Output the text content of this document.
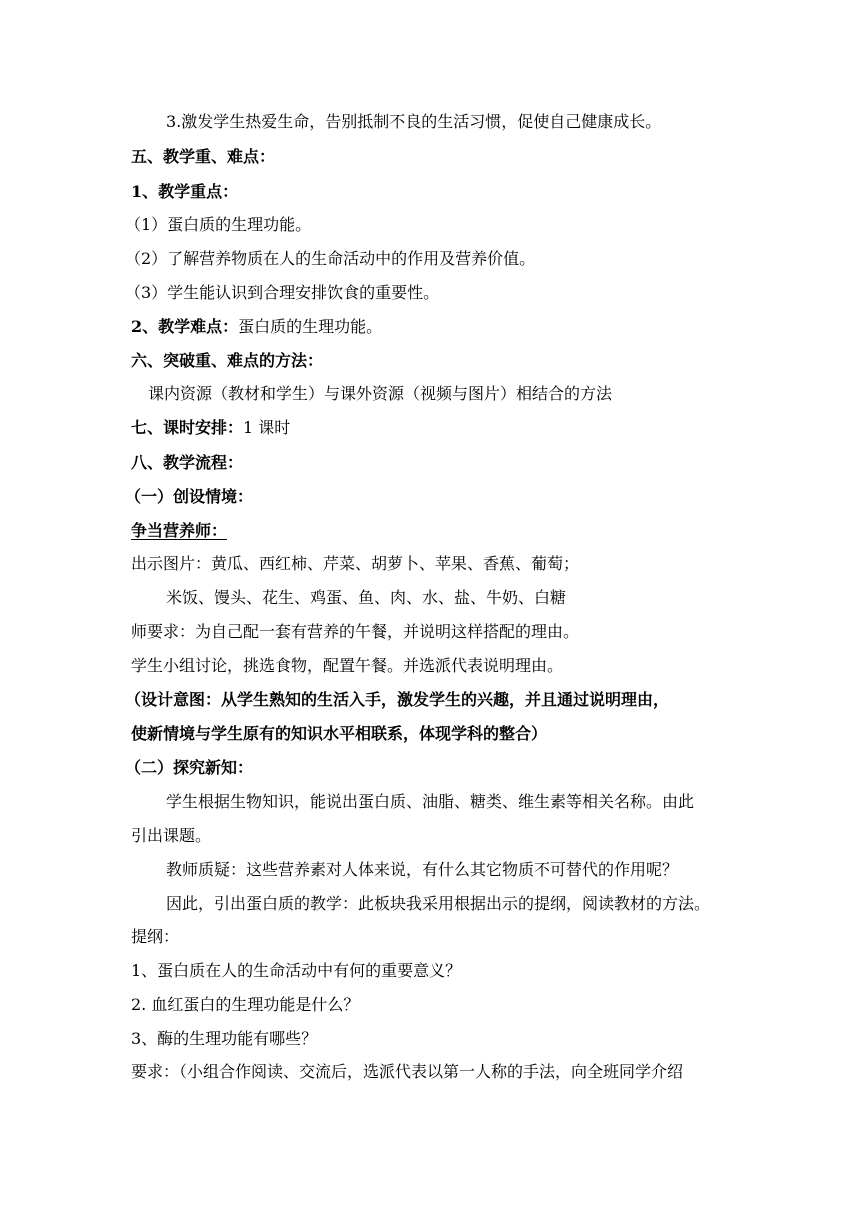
3.激发学生热爱生命，告别抵制不良的生活习惯，促使自己健康成长。
五、教学重、难点：
1、教学重点：
（1）蛋白质的生理功能。
（2）了解营养物质在人的生命活动中的作用及营养价值。
（3）学生能认识到合理安排饮食的重要性。
2、教学难点：蛋白质的生理功能。
六、突破重、难点的方法：
课内资源（教材和学生）与课外资源（视频与图片）相结合的方法
七、课时安排：1 课时
八、教学流程：
（一）创设情境：
争当营养师：
出示图片：黄瓜、西红柿、芹菜、胡萝卜、苹果、香蕉、葡萄；
米饭、馒头、花生、鸡蛋、鱼、肉、水、盐、牛奶、白糖
师要求：为自己配一套有营养的午餐，并说明这样搭配的理由。
学生小组讨论，挑选食物，配置午餐。并选派代表说明理由。
（设计意图：从学生熟知的生活入手，激发学生的兴趣，并且通过说明理由，
使新情境与学生原有的知识水平相联系，体现学科的整合）
（二）探究新知：
学生根据生物知识，能说出蛋白质、油脂、糖类、维生素等相关名称。由此
引出课题。
教师质疑：这些营养素对人体来说，有什么其它物质不可替代的作用呢？
因此，引出蛋白质的教学：此板块我采用根据出示的提纲，阅读教材的方法。
提纲：
1、蛋白质在人的生命活动中有何的重要意义？
2. 血红蛋白的生理功能是什么？
3、酶的生理功能有哪些？
要求：（小组合作阅读、交流后，选派代表以第一人称的手法，向全班同学介绍
